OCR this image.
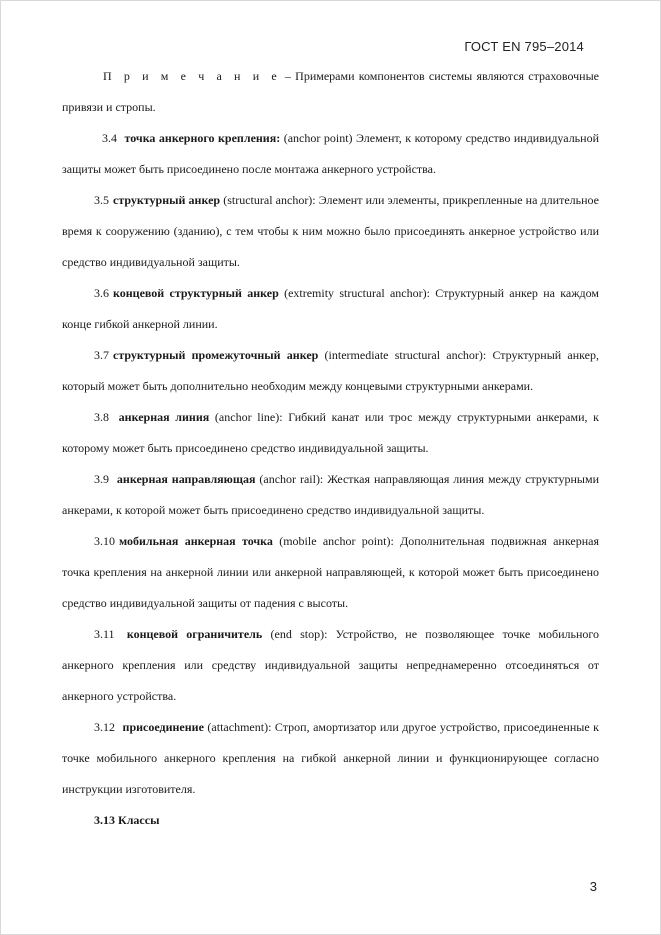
ГОСТ EN 795–2014

П р и м е ч а н и е – Примерами компонентов системы являются страховочные привязи и стропы.

3.4 точка анкерного крепления: (anchor point) Элемент, к которому средство индивидуальной защиты может быть присоединено после монтажа анкерного устройства.

3.5 структурный анкер (structural anchor): Элемент или элементы, прикрепленные на длительное время к сооружению (зданию), с тем чтобы к ним можно было присоединять анкерное устройство или средство индивидуальной защиты.

3.6 концевой структурный анкер (extremity structural anchor): Структурный анкер на каждом конце гибкой анкерной линии.

3.7 структурный промежуточный анкер (intermediate structural anchor): Структурный анкер, который может быть дополнительно необходим между концевыми структурными анкерами.

3.8 анкерная линия (anchor line): Гибкий канат или трос между структурными анкерами, к которому может быть присоединено средство индивидуальной защиты.

3.9 анкерная направляющая (anchor rail): Жесткая направляющая линия между структурными анкерами, к которой может быть присоединено средство индивидуальной защиты.

3.10 мобильная анкерная точка (mobile anchor point): Дополнительная подвижная анкерная точка крепления на анкерной линии или анкерной направляющей, к которой может быть присоединено средство индивидуальной защиты от падения с высоты.

3.11 концевой ограничитель (end stop): Устройство, не позволяющее точке мобильного анкерного крепления или средству индивидуальной защиты непреднамеренно отсоединяться от анкерного устройства.

3.12 присоединение (attachment): Строп, амортизатор или другое устройство, присоединенные к точке мобильного анкерного крепления на гибкой анкерной линии и функционирующее согласно инструкции изготовителя.

3.13 Классы

3
